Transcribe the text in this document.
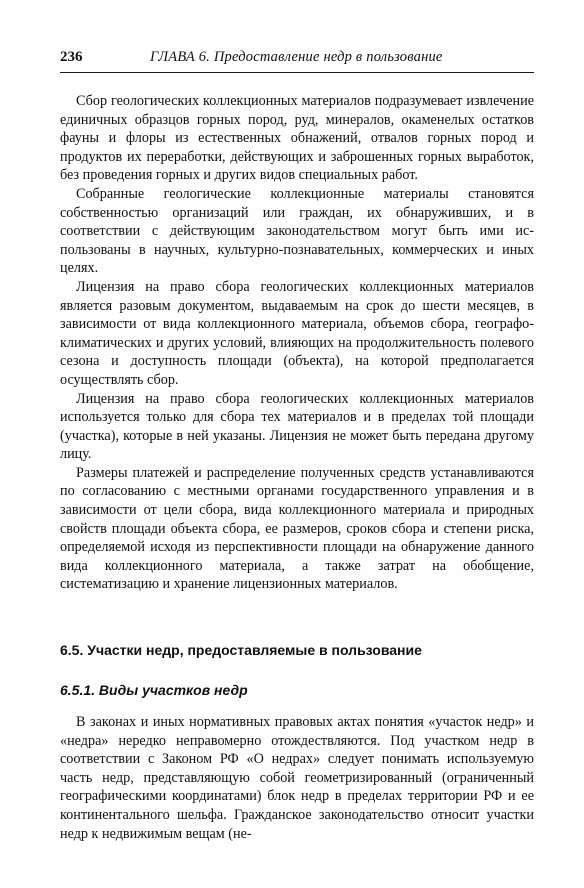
236	ГЛАВА 6. Предоставление недр в пользование

Сбор геологических коллекционных материалов подразумевает извлечение единичных образцов горных пород, руд, минералов, окаменелых остатков фауны и флоры из естественных обнажений, отвалов горных пород и продуктов их переработки, действующих и заброшенных горных выработок, без проведения горных и других видов специальных работ.

Собранные геологические коллекционные материалы становятся собственностью организаций или граждан, их обнаруживших, и в соответствии с действующим законодательством могут быть ими использованы в научных, культурно-познавательных, коммерческих и иных целях.

Лицензия на право сбора геологических коллекционных материалов является разовым документом, выдаваемым на срок до шести месяцев, в зависимости от вида коллекционного материала, объемов сбора, географо-климатических и других условий, влияющих на продолжительность полевого сезона и доступность площади (объекта), на которой предполагается осуществлять сбор.

Лицензия на право сбора геологических коллекционных материалов используется только для сбора тех материалов и в пределах той площади (участка), которые в ней указаны. Лицензия не может быть передана другому лицу.

Размеры платежей и распределение полученных средств устанавливаются по согласованию с местными органами государственного управления и в зависимости от цели сбора, вида коллекционного материала и природных свойств площади объекта сбора, ее размеров, сроков сбора и степени риска, определяемой исходя из перспективности площади на обнаружение данного вида коллекционного материала, а также затрат на обобщение, систематизацию и хранение лицензионных материалов.

6.5. Участки недр, предоставляемые в пользование
6.5.1. Виды участков недр

В законах и иных нормативных правовых актах понятия «участок недр» и «недра» нередко неправомерно отождествляются. Под участком недр в соответствии с Законом РФ «О недрах» следует понимать используемую часть недр, представляющую собой геометризированный (ограниченный географическими координатами) блок недр в пределах территории РФ и ее континентального шельфа. Гражданское законодательство относит участки недр к недвижимым вещам (не-
